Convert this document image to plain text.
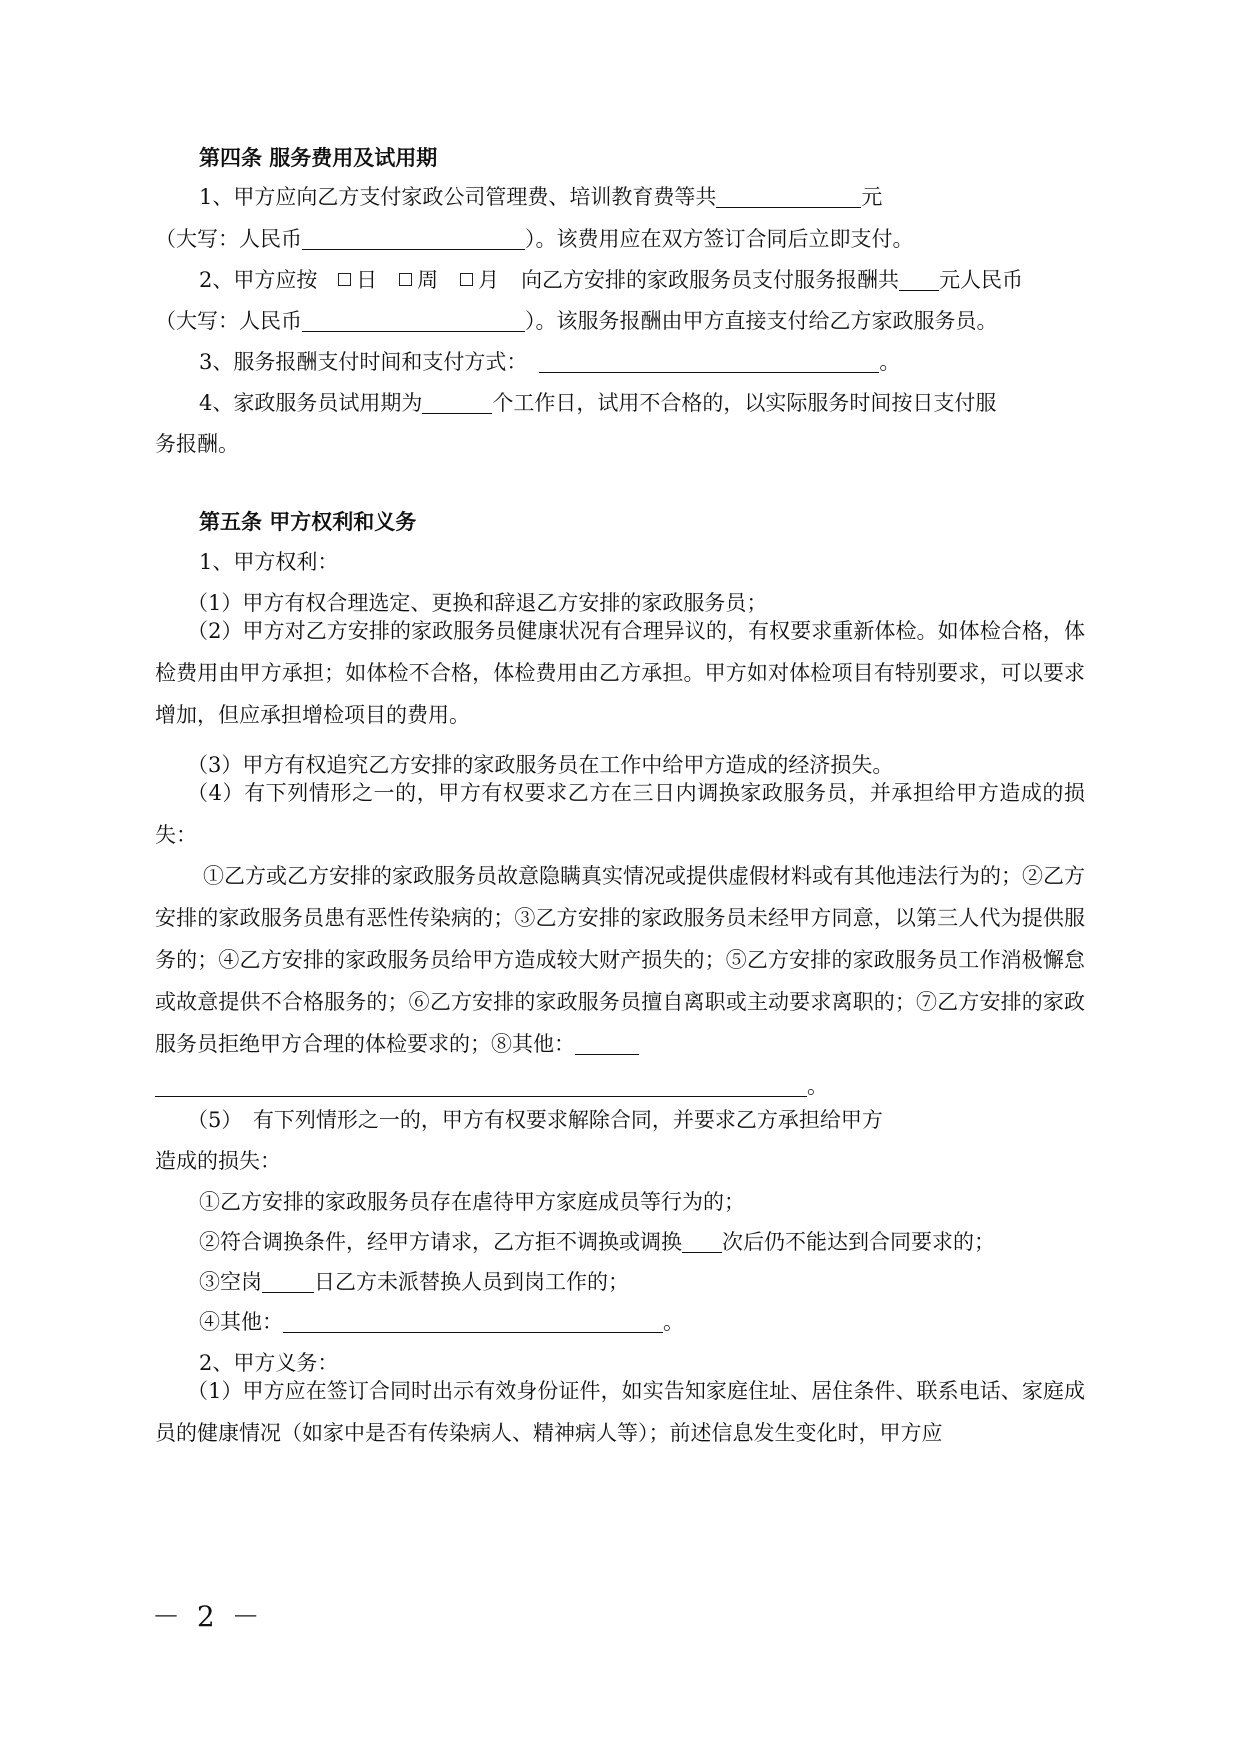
第四条 服务费用及试用期
1、甲方应向乙方支付家政公司管理费、培训教育费等共	元
（大写：人民币	）。该费用应在双方签订合同后立即支付。
2、甲方应按 日 周 月 向乙方安排的家政服务员支付服务报酬共 元人民币
（大写：人民币	）。该服务报酬由甲方直接支付给乙方家政服务员。
3、服务报酬支付时间和支付方式：	。
4、家政服务员试用期为	个工作日，试用不合格的，以实际服务时间按日支付服
务报酬。
第五条 甲方权利和义务
1、甲方权利：
（1）甲方有权合理选定、更换和辞退乙方安排的家政服务员；
（2）甲方对乙方安排的家政服务员健康状况有合理异议的，有权要求重新体检。如体检合格，体检费用由甲方承担；如体检不合格，体检费用由乙方承担。甲方如对体检项目有特别要求，可以要求增加，但应承担增检项目的费用。
（3）甲方有权追究乙方安排的家政服务员在工作中给甲方造成的经济损失。
（4）有下列情形之一的，甲方有权要求乙方在三日内调换家政服务员，并承担给甲方造成的损失：
①乙方或乙方安排的家政服务员故意隐瞒真实情况或提供虚假材料或有其他违法行为的；②乙方安排的家政服务员患有恶性传染病的；③乙方安排的家政服务员未经甲方同意，以第三人代为提供服务的；④乙方安排的家政服务员给甲方造成较大财产损失的；⑤乙方安排的家政服务员工作消极懈怠或故意提供不合格服务的；⑥乙方安排的家政服务员擅自离职或主动要求离职的；⑦乙方安排的家政服务员拒绝甲方合理的体检要求的；⑧其他：
。
（5）　有下列情形之一的，甲方有权要求解除合同，并要求乙方承担给甲方
造成的损失：
①乙方安排的家政服务员存在虐待甲方家庭成员等行为的；
②符合调换条件，经甲方请求，乙方拒不调换或调换 次后仍不能达到合同要求的；
③空岗 日乙方未派替换人员到岗工作的；
④其他：	。
2、甲方义务：
（1）甲方应在签订合同时出示有效身份证件，如实告知家庭住址、居住条件、联系电话、家庭成员的健康情况（如家中是否有传染病人、精神病人等）；前述信息发生变化时，甲方应
－ 2 －
